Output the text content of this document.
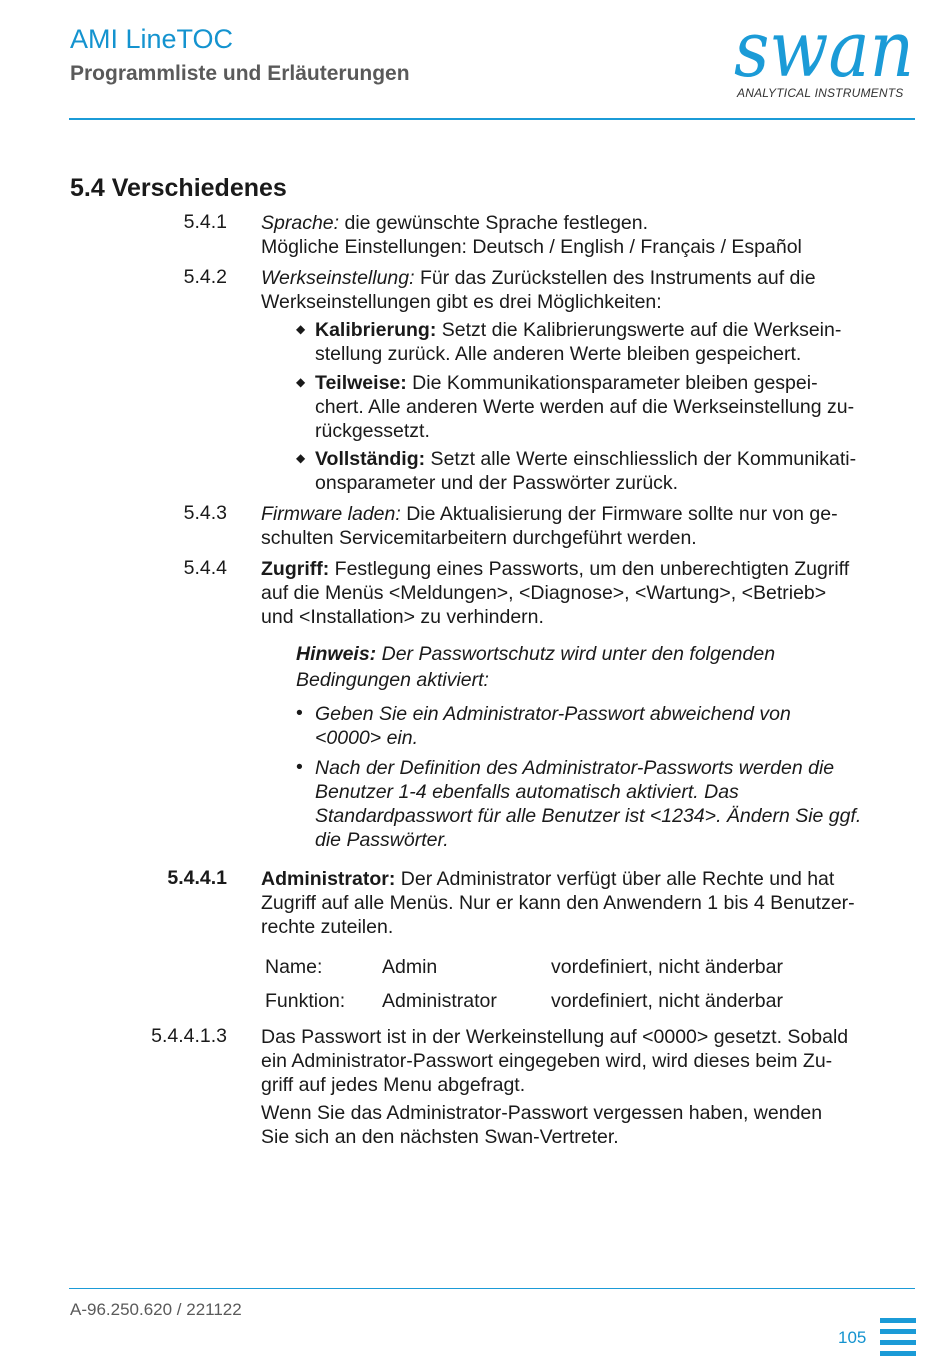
AMI LineTOC
Programmliste und Erläuterungen	swan
ANALYTICAL INSTRUMENTS
5.4 Verschiedenes
5.4.1 Sprache: die gewünschte Sprache festlegen.
Mögliche Einstellungen: Deutsch / English / Français / Español
5.4.2 Werkseinstellung: Für das Zurückstellen des Instruments auf die
Werkseinstellungen gibt es drei Möglichkeiten:
◆ Kalibrierung: Setzt die Kalibrierungswerte auf die Werksein-
stellung zurück. Alle anderen Werte bleiben gespeichert.
◆ Teilweise: Die Kommunikationsparameter bleiben gespei-
chert. Alle anderen Werte werden auf die Werkseinstellung zu-
rückgessetzt.
◆ Vollständig: Setzt alle Werte einschliesslich der Kommunikati-
onsparameter und der Passwörter zurück.
5.4.3 Firmware laden: Die Aktualisierung der Firmware sollte nur von ge-
schulten Servicemitarbeitern durchgeführt werden.
5.4.4 Zugriff: Festlegung eines Passworts, um den unberechtigten Zugriff
auf die Menüs <Meldungen>, <Diagnose>, <Wartung>, <Betrieb>
und <Installation> zu verhindern.
Hinweis: Der Passwortschutz wird unter den folgenden
Bedingungen aktiviert:
• Geben Sie ein Administrator-Passwort abweichend von
<0000> ein.
• Nach der Definition des Administrator-Passworts werden die
Benutzer 1-4 ebenfalls automatisch aktiviert. Das
Standardpasswort für alle Benutzer ist <1234>. Ändern Sie ggf.
die Passwörter.
5.4.4.1 Administrator: Der Administrator verfügt über alle Rechte und hat
Zugriff auf alle Menüs. Nur er kann den Anwendern 1 bis 4 Benutzer-
rechte zuteilen.
Name:	Admin	vordefiniert, nicht änderbar
Funktion: Administrator	vordefiniert, nicht änderbar
5.4.4.1.3 Das Passwort ist in der Werkeinstellung auf <0000> gesetzt. Sobald
ein Administrator-Passwort eingegeben wird, wird dieses beim Zu-
griff auf jedes Menu abgefragt.
Wenn Sie das Administrator-Passwort vergessen haben, wenden
Sie sich an den nächsten Swan-Vertreter.
A-96.250.620 / 221122
105
